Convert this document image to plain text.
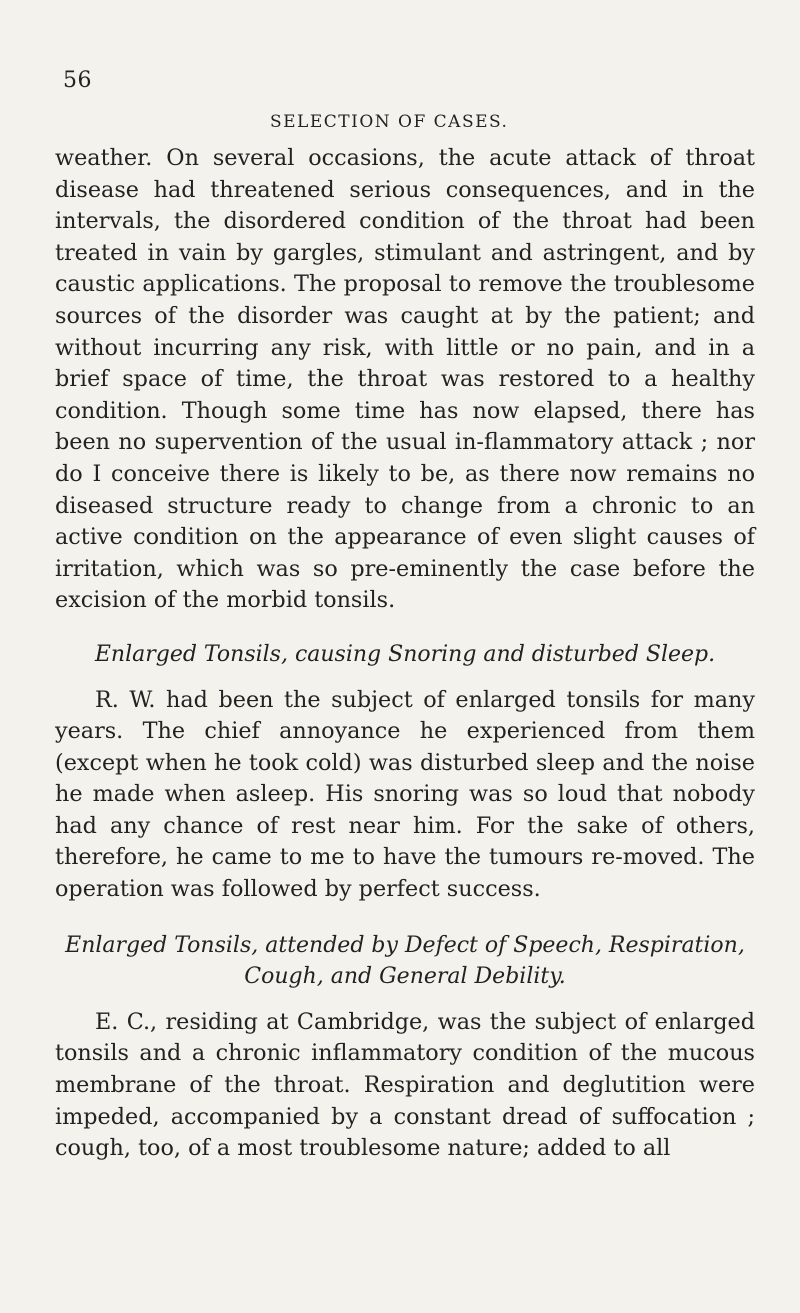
56
SELECTION OF CASES.

weather. On several occasions, the acute attack of throat disease had threatened serious consequences, and in the intervals, the disordered condition of the throat had been treated in vain by gargles, stimulant and astringent, and by caustic applications. The proposal to remove the troublesome sources of the disorder was caught at by the patient; and without incurring any risk, with little or no pain, and in a brief space of time, the throat was restored to a healthy condition. Though some time has now elapsed, there has been no supervention of the usual in-flammatory attack ; nor do I conceive there is likely to be, as there now remains no diseased structure ready to change from a chronic to an active condition on the appearance of even slight causes of irritation, which was so pre-eminently the case before the excision of the morbid tonsils.

Enlarged Tonsils, causing Snoring and disturbed Sleep.

R. W. had been the subject of enlarged tonsils for many years. The chief annoyance he experienced from them (except when he took cold) was disturbed sleep and the noise he made when asleep. His snoring was so loud that nobody had any chance of rest near him. For the sake of others, therefore, he came to me to have the tumours re-moved. The operation was followed by perfect success.

Enlarged Tonsils, attended by Defect of Speech, Respiration,
Cough, and General Debility.

E. C., residing at Cambridge, was the subject of enlarged tonsils and a chronic inflammatory condition of the mucous membrane of the throat. Respiration and deglutition were impeded, accompanied by a constant dread of suffocation ; cough, too, of a most troublesome nature; added to all
